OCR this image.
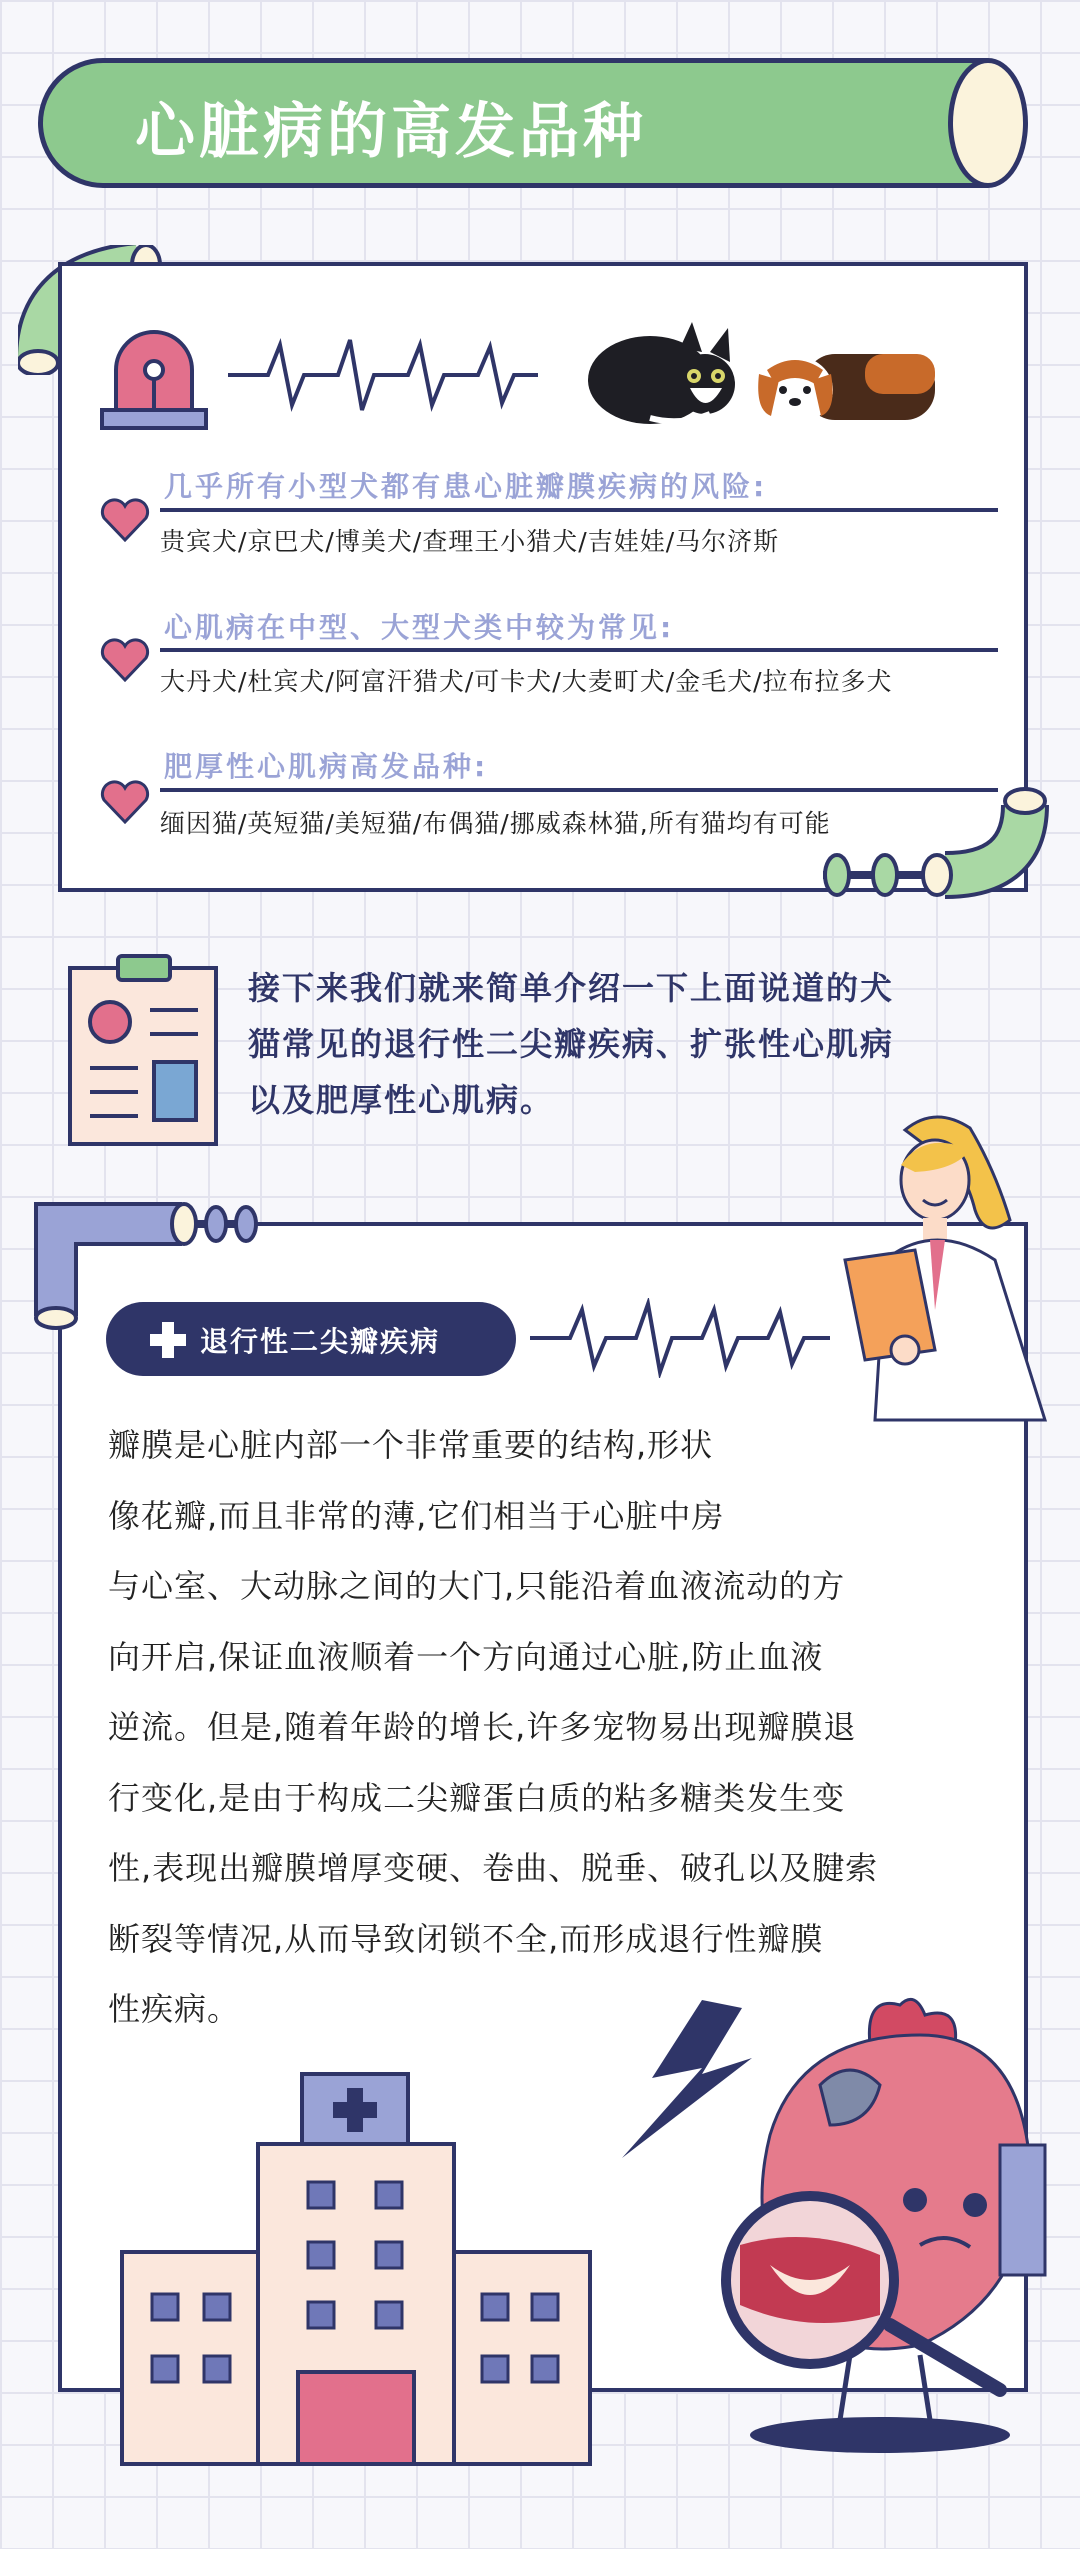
心脏病的高发品种
几乎所有小型犬都有患心脏瓣膜疾病的风险:
贵宾犬/京巴犬/博美犬/查理王小猎犬/吉娃娃/马尔济斯
心肌病在中型、大型犬类中较为常见:
大丹犬/杜宾犬/阿富汗猎犬/可卡犬/大麦町犬/金毛犬/拉布拉多犬
肥厚性心肌病高发品种:
缅因猫/英短猫/美短猫/布偶猫/挪威森林猫,所有猫均有可能
接下来我们就来简单介绍一下上面说道的犬
猫常见的退行性二尖瓣疾病、扩张性心肌病
以及肥厚性心肌病。
退行性二尖瓣疾病
瓣膜是心脏内部一个非常重要的结构,形状
像花瓣,而且非常的薄,它们相当于心脏中房
与心室、大动脉之间的大门,只能沿着血液流动的方
向开启,保证血液顺着一个方向通过心脏,防止血液
逆流。但是,随着年龄的增长,许多宠物易出现瓣膜退
行变化,是由于构成二尖瓣蛋白质的粘多糖类发生变
性,表现出瓣膜增厚变硬、卷曲、脱垂、破孔以及腱索
断裂等情况,从而导致闭锁不全,而形成退行性瓣膜
性疾病。
